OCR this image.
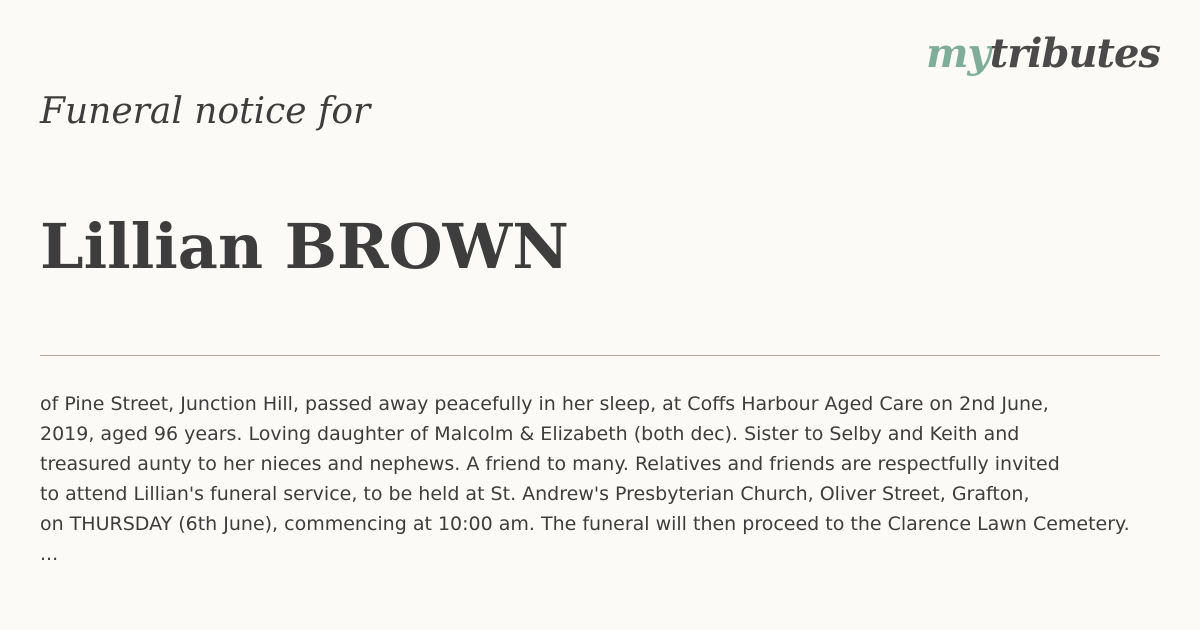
mytributes
Funeral notice for
Lillian BROWN
of Pine Street, Junction Hill, passed away peacefully in her sleep, at Coffs Harbour Aged Care on 2nd June,
2019, aged 96 years. Loving daughter of Malcolm & Elizabeth (both dec). Sister to Selby and Keith and
treasured aunty to her nieces and nephews. A friend to many. Relatives and friends are respectfully invited
to attend Lillian's funeral service, to be held at St. Andrew's Presbyterian Church, Oliver Street, Grafton,
on THURSDAY (6th June), commencing at 10:00 am. The funeral will then proceed to the Clarence Lawn Cemetery.
...
